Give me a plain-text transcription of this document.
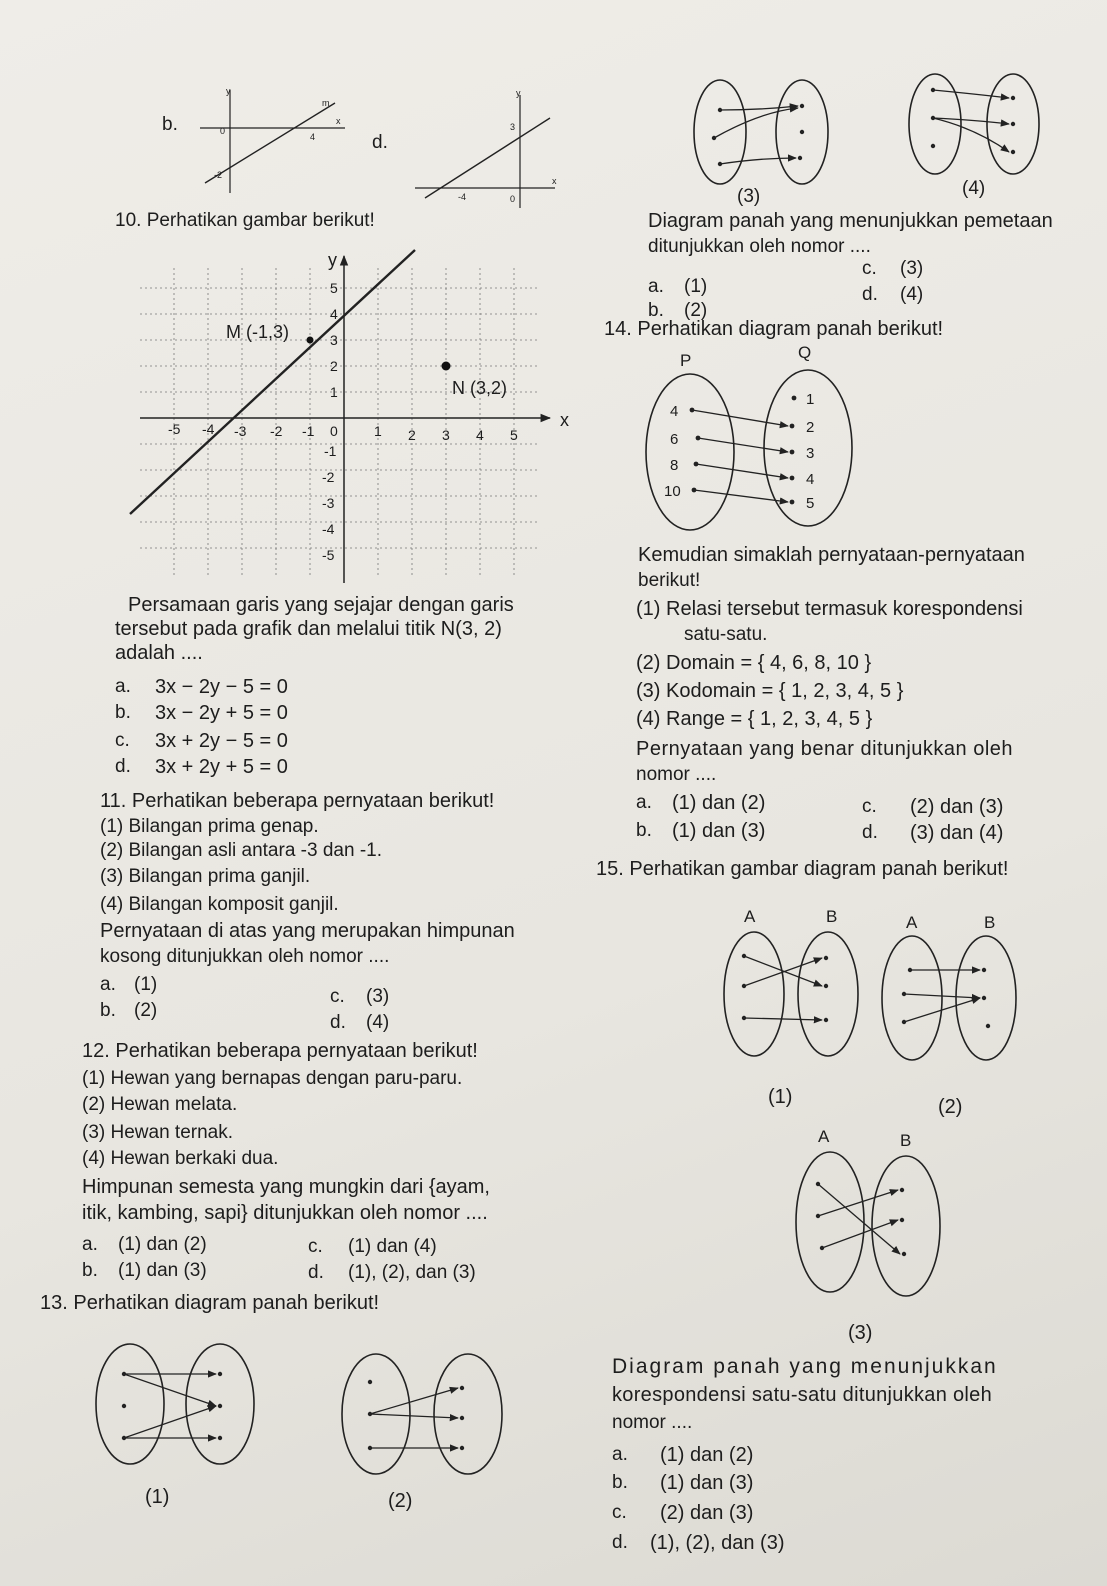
b.
m
4
x
0
-2
y
d.
y
3
x
-4	0	(3)	(4)
Diagram panah yang menunjukkan pemetaan
ditunjukkan oleh nomor ....
a. (1)
b. (2)
c. (3)
d. (4)
10. Perhatikan gambar berikut!
x
y
M (-1,3)
N (3,2)
-5 -4 -3 -2 -1 0	1 2 3 4 5
5
4
3
2
1
-1
-2
-3
-4
-5
Persamaan garis yang sejajar dengan garis
tersebut pada grafik dan melalui titik N(3, 2)
adalah ....
a. 3x − 2y − 5 = 0
b. 3x − 2y + 5 = 0
c. 3x + 2y − 5 = 0
d. 3x + 2y + 5 = 0
11. Perhatikan beberapa pernyataan berikut!
(1) Bilangan prima genap.
(2) Bilangan asli antara -3 dan -1.
(3) Bilangan prima ganjil.
(4) Bilangan komposit ganjil.
Pernyataan di atas yang merupakan himpunan
kosong ditunjukkan oleh nomor ....
a. (1)
b. (2)
c. (3)
d. (4)
12. Perhatikan beberapa pernyataan berikut!
(1) Hewan yang bernapas dengan paru-paru.
(2) Hewan melata.
(3) Hewan ternak.
(4) Hewan berkaki dua.
Himpunan semesta yang mungkin dari {ayam,
itik, kambing, sapi} ditunjukkan oleh nomor ....
a. (1) dan (2)
b. (1) dan (3)
c. (1) dan (4)
d. (1), (2), dan (3)
13. Perhatikan diagram panah berikut!
(1)	(2)
14. Perhatikan diagram panah berikut!
P	Q
4
6
8
10
1
2
3
4
5
Kemudian simaklah pernyataan-pernyataan
berikut!
(1) Relasi tersebut termasuk korespondensi
satu-satu.
(2) Domain = { 4, 6, 8, 10 }
(3) Kodomain = { 1, 2, 3, 4, 5 }
(4) Range = { 1, 2, 3, 4, 5 }
Pernyataan yang benar ditunjukkan oleh
nomor ....
a. (1) dan (2)
b. (1) dan (3)
c. (2) dan (3)
d. (3) dan (4)
15. Perhatikan gambar diagram panah berikut!
A	B
(1)
A	B
(2)
A	B
(3)
Diagram panah yang menunjukkan
korespondensi satu-satu ditunjukkan oleh
nomor ....
a. (1) dan (2)
b. (1) dan (3)
c. (2) dan (3)
d. (1), (2), dan (3)
